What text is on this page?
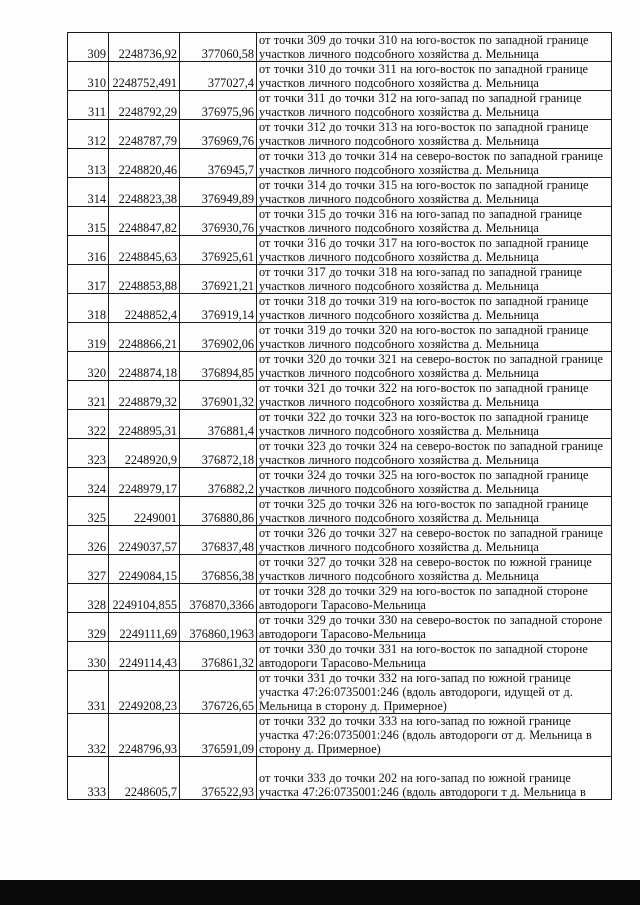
309	2248736,92	377060,58	от точки 309 до точки 310 на юго-восток по западной границе участков личного подсобного хозяйства д. Мельница
310	2248752,491	377027,4	от точки 310 до точки 311 на юго-восток по западной границе участков личного подсобного хозяйства д. Мельница
311	2248792,29	376975,96	от точки 311 до точки 312 на юго-запад по западной границе участков личного подсобного хозяйства д. Мельница
312	2248787,79	376969,76	от точки 312 до точки 313 на юго-восток по западной границе участков личного подсобного хозяйства д. Мельница
313	2248820,46	376945,7	от точки 313 до точки 314 на северо-восток по западной границе участков личного подсобного хозяйства д. Мельница
314	2248823,38	376949,89	от точки 314 до точки 315 на юго-восток по западной границе участков личного подсобного хозяйства д. Мельница
315	2248847,82	376930,76	от точки 315 до точки 316 на юго-запад по западной границе участков личного подсобного хозяйства д. Мельница
316	2248845,63	376925,61	от точки 316 до точки 317 на юго-восток по западной границе участков личного подсобного хозяйства д. Мельница
317	2248853,88	376921,21	от точки 317 до точки 318 на юго-запад по западной границе участков личного подсобного хозяйства д. Мельница
318	2248852,4	376919,14	от точки 318 до точки 319 на юго-восток по западной границе участков личного подсобного хозяйства д. Мельница
319	2248866,21	376902,06	от точки 319 до точки 320 на юго-восток по западной границе участков личного подсобного хозяйства д. Мельница
320	2248874,18	376894,85	от точки 320 до точки 321 на северо-восток по западной границе участков личного подсобного хозяйства д. Мельница
321	2248879,32	376901,32	от точки 321 до точки 322 на юго-восток по западной границе участков личного подсобного хозяйства д. Мельница
322	2248895,31	376881,4	от точки 322 до точки 323 на юго-восток по западной границе участков личного подсобного хозяйства д. Мельница
323	2248920,9	376872,18	от точки 323 до точки 324 на северо-восток по западной границе участков личного подсобного хозяйства д. Мельница
324	2248979,17	376882,2	от точки 324 до точки 325 на юго-восток по западной границе участков личного подсобного хозяйства д. Мельница
325	2249001	376880,86	от точки 325 до точки 326 на юго-восток по западной границе участков личного подсобного хозяйства д. Мельница
326	2249037,57	376837,48	от точки 326 до точки 327 на северо-восток по западной границе участков личного подсобного хозяйства д. Мельница
327	2249084,15	376856,38	от точки 327 до точки 328 на северо-восток по южной границе участков личного подсобного хозяйства д. Мельница
328	2249104,855	376870,3366	от точки 328 до точки 329 на юго-восток по западной стороне автодороги Тарасово-Мельница
329	2249111,69	376860,1963	от точки 329 до точки 330 на северо-восток по западной стороне автодороги Тарасово-Мельница
330	2249114,43	376861,32	от точки 330 до точки 331 на юго-восток по западной стороне автодороги Тарасово-Мельница
331	2249208,23	376726,65	от точки 331 до точки 332 на юго-запад по южной границе участка 47:26:0735001:246 (вдоль автодороги, идущей от д. Мельница в сторону д. Примерное)
332	2248796,93	376591,09	от точки 332 до точки 333 на юго-запад по южной границе участка 47:26:0735001:246 (вдоль автодороги от д. Мельница в сторону д. Примерное)
333	2248605,7	376522,93	от точки 333 до точки 202 на юго-запад по южной границе участка 47:26:0735001:246 (вдоль автодороги т д. Мельница в
